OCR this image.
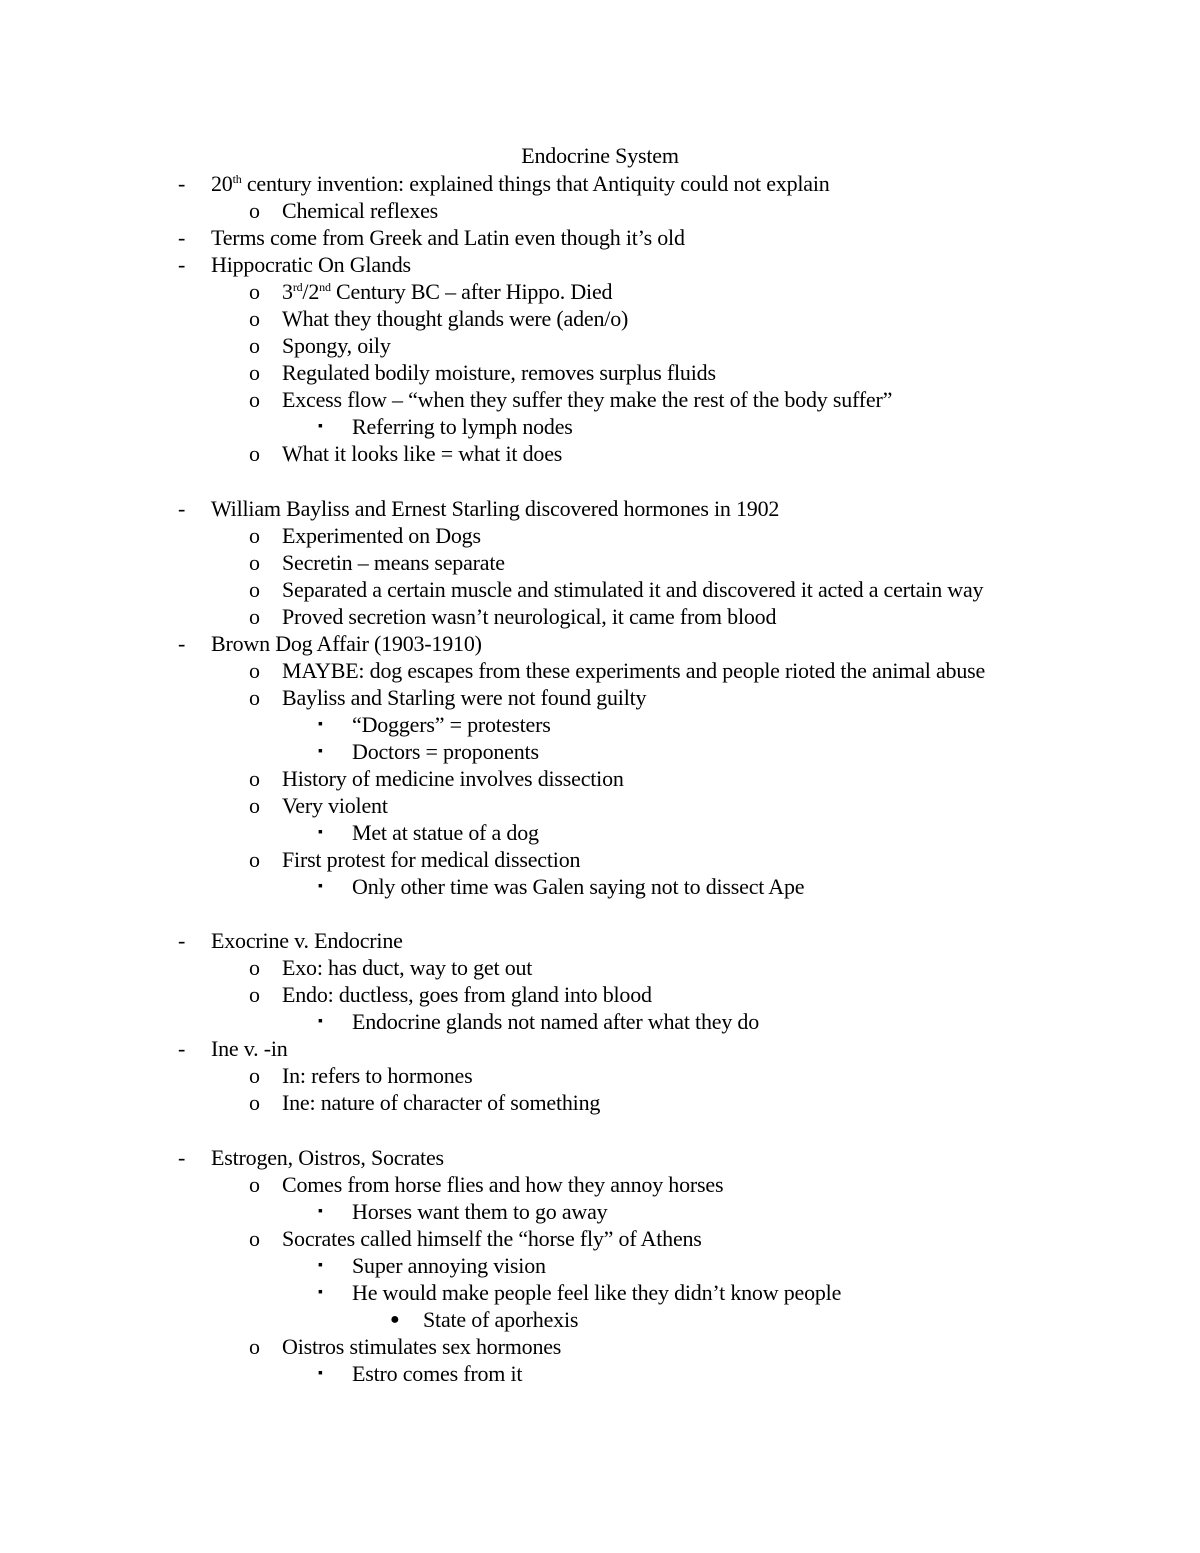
Endocrine System
- 20th century invention: explained things that Antiquity could not explain
o Chemical reflexes
- Terms come from Greek and Latin even though it’s old
- Hippocratic On Glands
o 3rd/2nd Century BC – after Hippo. Died
o What they thought glands were (aden/o)
o Spongy, oily
o Regulated bodily moisture, removes surplus fluids
o Excess flow – “when they suffer they make the rest of the body suffer”
▪ Referring to lymph nodes
o What it looks like = what it does
- William Bayliss and Ernest Starling discovered hormones in 1902
o Experimented on Dogs
o Secretin – means separate
o Separated a certain muscle and stimulated it and discovered it acted a certain way
o Proved secretion wasn’t neurological, it came from blood
- Brown Dog Affair (1903-1910)
o MAYBE: dog escapes from these experiments and people rioted the animal abuse
o Bayliss and Starling were not found guilty
▪ “Doggers” = protesters
▪ Doctors = proponents
o History of medicine involves dissection
o Very violent
▪ Met at statue of a dog
o First protest for medical dissection
▪ Only other time was Galen saying not to dissect Ape
- Exocrine v. Endocrine
o Exo: has duct, way to get out
o Endo: ductless, goes from gland into blood
▪ Endocrine glands not named after what they do
- Ine v. -in
o In: refers to hormones
o Ine: nature of character of something
- Estrogen, Oistros, Socrates
o Comes from horse flies and how they annoy horses
▪ Horses want them to go away
o Socrates called himself the “horse fly” of Athens
▪ Super annoying vision
▪ He would make people feel like they didn’t know people
● State of aporhexis
o Oistros stimulates sex hormones
▪ Estro comes from it
